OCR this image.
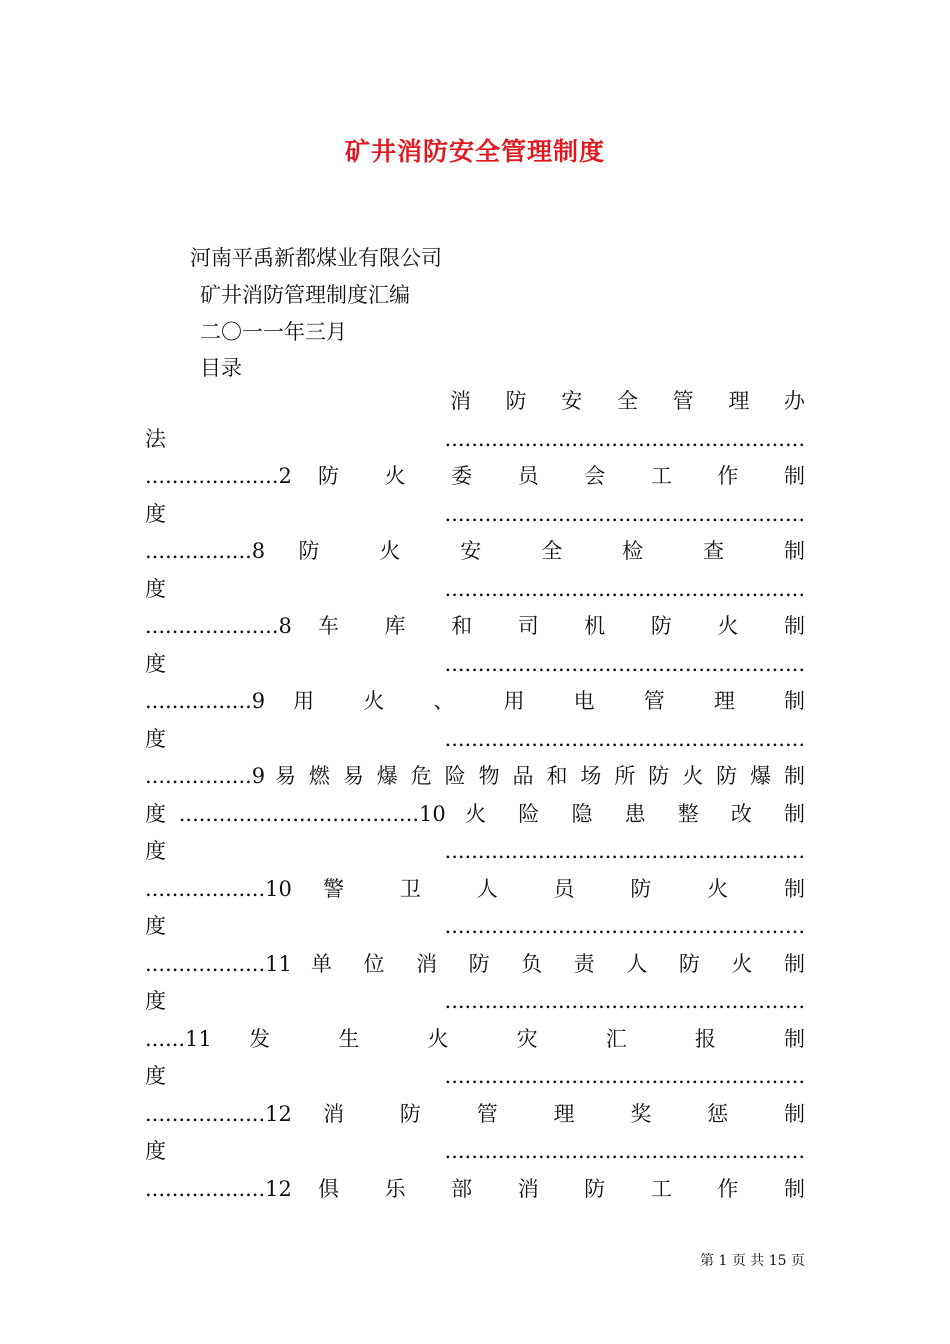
矿井消防安全管理制度
河南平禹新都煤业有限公司
矿井消防管理制度汇编
二〇一一年三月
目录
消 防 安 全 管 理 办
法......................................................
....................2 防 火 委 员 会 工 作 制
度......................................................
................8 防 火 安 全 检 查 制
度......................................................
....................8 车 库 和 司 机 防 火 制
度......................................................
................9 用 火 、 用 电 管 理 制
度......................................................
................9 易 燃 易 爆 危 险 物 品 和 场 所 防 火 防 爆 制
度....................................10 火 险 隐 患 整 改 制
度......................................................
..................10 警 卫 人 员 防 火 制
度......................................................
..................11 单 位 消 防 负 责 人 防 火 制
度......................................................
......11 发 生 火 灾 汇 报 制
度......................................................
..................12 消 防 管 理 奖 惩 制
度......................................................
..................12 俱 乐 部 消 防 工 作 制
第 1 页 共 15 页
